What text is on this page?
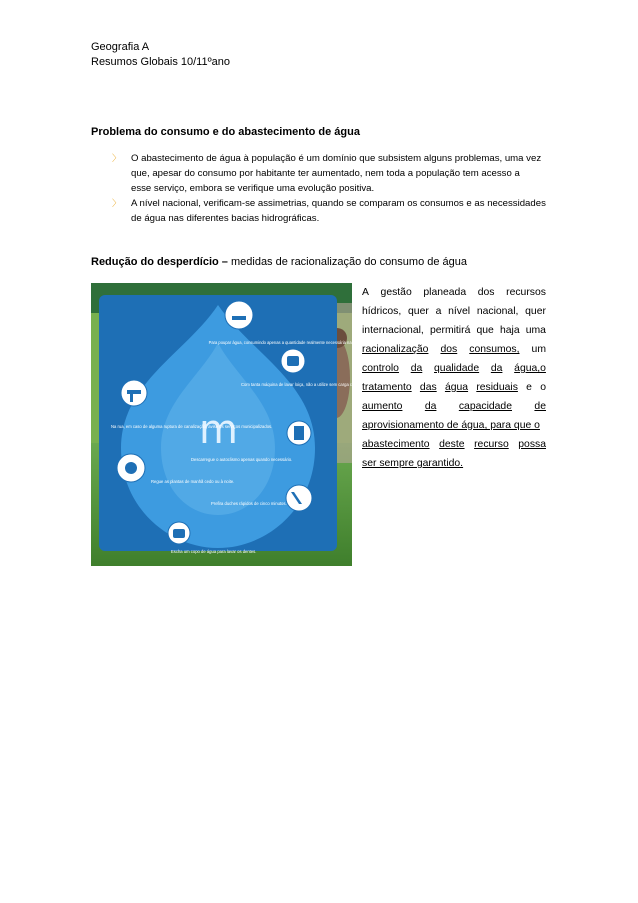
Geografia A
Resumos Globais 10/11ºano
Problema do consumo e do abastecimento de água
〉 O abastecimento de água à população é um domínio que subsistem alguns problemas, uma vez
que, apesar do consumo por habitante ter aumentado, nem toda a população tem acesso a
esse serviço, embora se verifique uma evolução positiva.
〉 A nível nacional, verificam-se assimetrias, quando se comparam os consumos e as necessidades
de água nas diferentes bacias hidrográficas.
Redução do desperdício – medidas de racionalização do consumo de água
m
Para poupar água, consumindo apenas a quantidade realmente necessária na actividade diária.
Com tanta máquina de lavar loiça, não a utilize sem carga completa.
Na rua, em caso de alguma ruptura de canalização, avise os serviços municipalizados.
Descarregue o autoclismo apenas quando necessário.
Regue as plantas de manhã cedo ou à noite.
Prefira duches rápidos de cinco minutos.
Escha um copo de água para lavar os dentes.
A gestão planeada dos recursos
hídricos, quer a nível nacional, quer
internacional, permitirá que haja uma
racionalização dos consumos, um
controlo da qualidade da água,o
tratamento das água residuais e o
aumento da capacidade de
aprovisionamento de água, para que o
abastecimento deste recurso possa
ser sempre garantido.
